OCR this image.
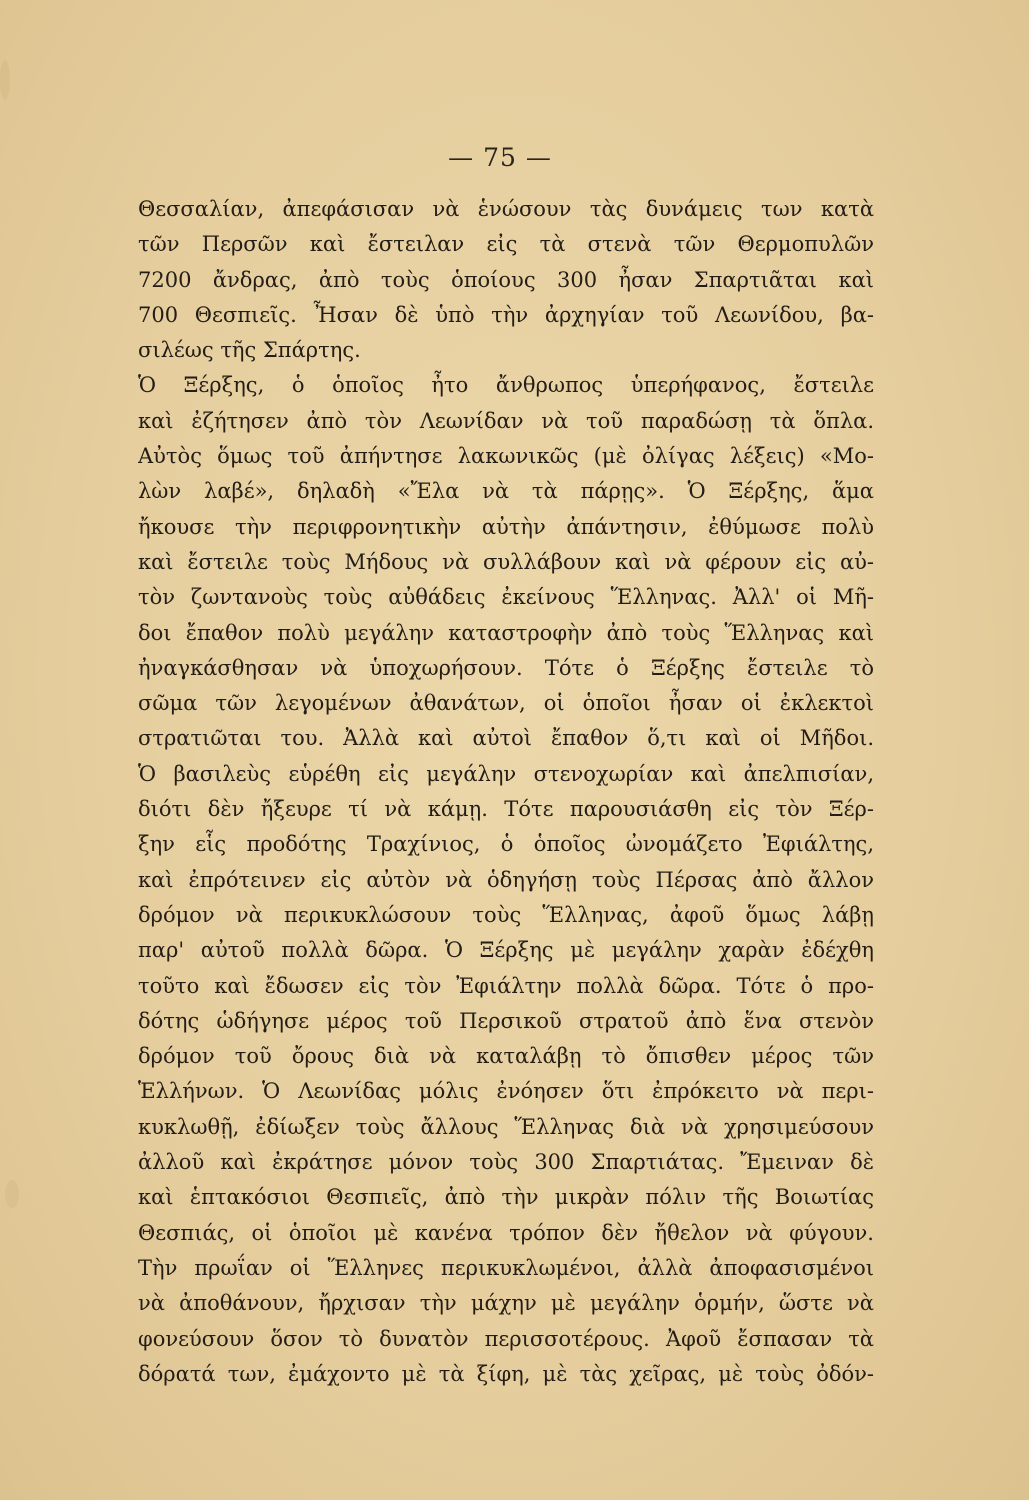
— 75 —
Θεσσαλίαν, ἀπεφάσισαν νὰ ἑνώσουν τὰς δυνάμεις των κατὰ
τῶν Περσῶν καὶ ἔστειλαν εἰς τὰ στενὰ τῶν Θερμοπυλῶν
7200 ἄνδρας, ἀπὸ τοὺς ὁποίους 300 ἦσαν Σπαρτιᾶται καὶ
700 Θεσπιεῖς. Ἦσαν δὲ ὑπὸ τὴν ἀρχηγίαν τοῦ Λεωνίδου, βα-
σιλέως τῆς Σπάρτης.
Ὁ Ξέρξης, ὁ ὁποῖος ἦτο ἄνθρωπος ὑπερήφανος, ἔστειλε
καὶ ἐζήτησεν ἀπὸ τὸν Λεωνίδαν νὰ τοῦ παραδώσῃ τὰ ὅπλα.
Αὐτὸς ὅμως τοῦ ἀπήντησε λακωνικῶς (μὲ ὀλίγας λέξεις) «Μο-
λὼν λαβέ», δηλαδὴ «Ἔλα νὰ τὰ πάρῃς». Ὁ Ξέρξης, ἅμα
ἤκουσε τὴν περιφρονητικὴν αὐτὴν ἀπάντησιν, ἐθύμωσε πολὺ
καὶ ἔστειλε τοὺς Μήδους νὰ συλλάβουν καὶ νὰ φέρουν εἰς αὐ-
τὸν ζωντανοὺς τοὺς αὐθάδεις ἐκείνους Ἕλληνας. Ἀλλ' οἱ Μῆ-
δοι ἔπαθον πολὺ μεγάλην καταστροφὴν ἀπὸ τοὺς Ἕλληνας καὶ
ἠναγκάσθησαν νὰ ὑποχωρήσουν. Τότε ὁ Ξέρξης ἔστειλε τὸ
σῶμα τῶν λεγομένων ἀθανάτων, οἱ ὁποῖοι ἦσαν οἱ ἐκλεκτοὶ
στρατιῶται του. Ἀλλὰ καὶ αὐτοὶ ἔπαθον ὅ,τι καὶ οἱ Μῆδοι.
Ὁ βασιλεὺς εὑρέθη εἰς μεγάλην στενοχωρίαν καὶ ἀπελπισίαν,
διότι δὲν ἤξευρε τί νὰ κάμῃ. Τότε παρουσιάσθη εἰς τὸν Ξέρ-
ξην εἷς προδότης Τραχίνιος, ὁ ὁποῖος ὠνομάζετο Ἐφιάλτης,
καὶ ἐπρότεινεν εἰς αὐτὸν νὰ ὁδηγήσῃ τοὺς Πέρσας ἀπὸ ἄλλον
δρόμον νὰ περικυκλώσουν τοὺς Ἕλληνας, ἀφοῦ ὅμως λάβῃ
παρ' αὐτοῦ πολλὰ δῶρα. Ὁ Ξέρξης μὲ μεγάλην χαρὰν ἐδέχθη
τοῦτο καὶ ἔδωσεν εἰς τὸν Ἐφιάλτην πολλὰ δῶρα. Τότε ὁ προ-
δότης ὡδήγησε μέρος τοῦ Περσικοῦ στρατοῦ ἀπὸ ἕνα στενὸν
δρόμον τοῦ ὄρους διὰ νὰ καταλάβῃ τὸ ὄπισθεν μέρος τῶν
Ἑλλήνων. Ὁ Λεωνίδας μόλις ἐνόησεν ὅτι ἐπρόκειτο νὰ περι-
κυκλωθῇ, ἐδίωξεν τοὺς ἄλλους Ἕλληνας διὰ νὰ χρησιμεύσουν
ἀλλοῦ καὶ ἐκράτησε μόνον τοὺς 300 Σπαρτιάτας. Ἔμειναν δὲ
καὶ ἑπτακόσιοι Θεσπιεῖς, ἀπὸ τὴν μικρὰν πόλιν τῆς Βοιωτίας
Θεσπιάς, οἱ ὁποῖοι μὲ κανένα τρόπον δὲν ἤθελον νὰ φύγουν.
Τὴν πρωΐαν οἱ Ἕλληνες περικυκλωμένοι, ἀλλὰ ἀποφασισμένοι
νὰ ἀποθάνουν, ἤρχισαν τὴν μάχην μὲ μεγάλην ὁρμήν, ὥστε νὰ
φονεύσουν ὅσον τὸ δυνατὸν περισσοτέρους. Ἀφοῦ ἔσπασαν τὰ
δόρατά των, ἐμάχοντο μὲ τὰ ξίφη, μὲ τὰς χεῖρας, μὲ τοὺς ὀδόν-
